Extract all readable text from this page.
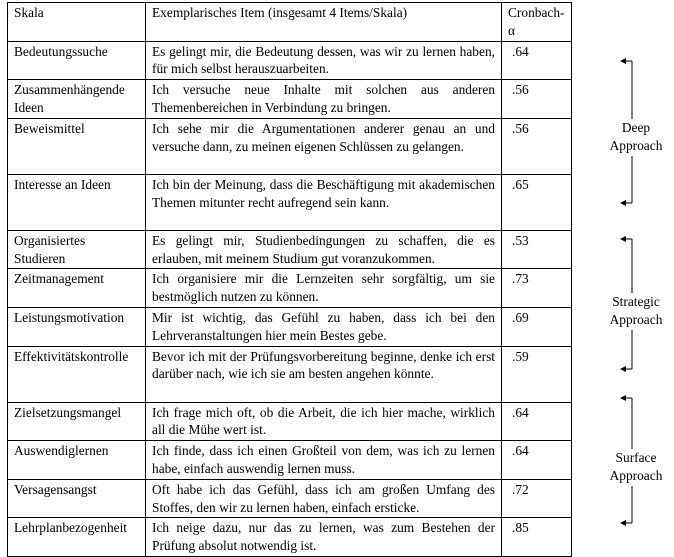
Skala	Exemplarisches Item (insgesamt 4 Items/Skala)	Cronbach-α
Bedeutungssuche	Es gelingt mir, die Bedeutung dessen, was wir zu lernen haben, für mich selbst herauszuarbeiten.	.64
Zusammenhängende Ideen	Ich versuche neue Inhalte mit solchen aus anderen Themenbereichen in Verbindung zu bringen.	.56
Beweismittel	Ich sehe mir die Argumentationen anderer genau an und versuche dann, zu meinen eigenen Schlüssen zu gelangen.	.56
Interesse an Ideen	Ich bin der Meinung, dass die Beschäftigung mit akademischen Themen mitunter recht aufregend sein kann.	.65
Organisiertes Studieren	Es gelingt mir, Studienbedingungen zu schaffen, die es erlauben, mit meinem Studium gut voranzukommen.	.53
Zeitmanagement	Ich organisiere mir die Lernzeiten sehr sorgfältig, um sie bestmöglich nutzen zu können.	.73
Leistungsmotivation	Mir ist wichtig, das Gefühl zu haben, dass ich bei den Lehrveranstaltungen hier mein Bestes gebe.	.69
Effektivitätskontrolle	Bevor ich mit der Prüfungsvorbereitung beginne, denke ich erst darüber nach, wie ich sie am besten angehen könnte.	.59
Zielsetzungsmangel	Ich frage mich oft, ob die Arbeit, die ich hier mache, wirklich all die Mühe wert ist.	.64
Auswendiglernen	Ich finde, dass ich einen Großteil von dem, was ich zu lernen habe, einfach auswendig lernen muss.	.64
Versagensangst	Oft habe ich das Gefühl, dass ich am großen Umfang des Stoffes, den wir zu lernen haben, einfach ersticke.	.72
Lehrplanbezogenheit	Ich neige dazu, nur das zu lernen, was zum Bestehen der Prüfung absolut notwendig ist.	.85
Deep
Approach
Strategic
Approach
Surface
Approach
